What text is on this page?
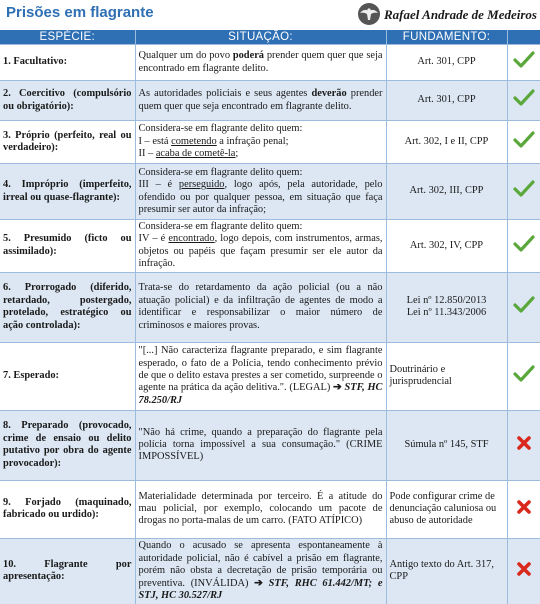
Prisões em flagrante	Rafael Andrade de Medeiros
ESPÉCIE:	SITUAÇÃO:	FUNDAMENTO:	
1. Facultativo:	Qualquer um do povo poderá prender quem quer que seja encontrado em flagrante delito.	Art. 301, CPP	
2. Coercitivo (compulsório ou obrigatório):	As autoridades policiais e seus agentes deverão prender quem quer que seja encontrado em flagrante delito.	Art. 301, CPP	
3. Próprio (perfeito, real ou verdadeiro):	Considera-se em flagrante delito quem:
I – está cometendo a infração penal;
II – acaba de cometê-la;	Art. 302, I e II, CPP	
4. Impróprio (imperfeito, irreal ou quase-flagrante):	Considera-se em flagrante delito quem:
III – é perseguido, logo após, pela autoridade, pelo ofendido ou por qualquer pessoa, em situação que faça presumir ser autor da infração;	Art. 302, III, CPP	
5. Presumido (ficto ou assimilado):	Considera-se em flagrante delito quem:
IV – é encontrado, logo depois, com instrumentos, armas, objetos ou papéis que façam presumir ser ele autor da infração.	Art. 302, IV, CPP	
6. Prorrogado (diferido, retardado, postergado, protelado, estratégico ou ação controlada):	Trata-se do retardamento da ação policial (ou a não atuação policial) e da infiltração de agentes de modo a identificar e responsabilizar o maior número de criminosos e maiores provas.	Lei nº 12.850/2013
Lei nº 11.343/2006	
7. Esperado:	"[...] Não caracteriza flagrante preparado, e sim flagrante esperado, o fato de a Polícia, tendo conhecimento prévio de que o delito estava prestes a ser cometido, surpreende o agente na prática da ação delitiva.". (LEGAL) ➔ STF, HC 78.250/RJ	Doutrinário e jurisprudencial	
8. Preparado (provocado, crime de ensaio ou delito putativo por obra do agente provocador):	"Não há crime, quando a preparação do flagrante pela polícia torna impossível a sua consumação." (CRIME IMPOSSÍVEL)	Súmula nº 145, STF	
9. Forjado (maquinado, fabricado ou urdido):	Materialidade determinada por terceiro. É a atitude do mau policial, por exemplo, colocando um pacote de drogas no porta-malas de um carro. (FATO ATÍPICO)	Pode configurar crime de denunciação caluniosa ou abuso de autoridade	
10. Flagrante por apresentação:	Quando o acusado se apresenta espontaneamente à autoridade policial, não é cabível a prisão em flagrante, porém não obsta a decretação de prisão temporária ou preventiva. (INVÁLIDA) ➔ STF, RHC 61.442/MT; e STJ, HC 30.527/RJ	Antigo texto do Art. 317, CPP	
